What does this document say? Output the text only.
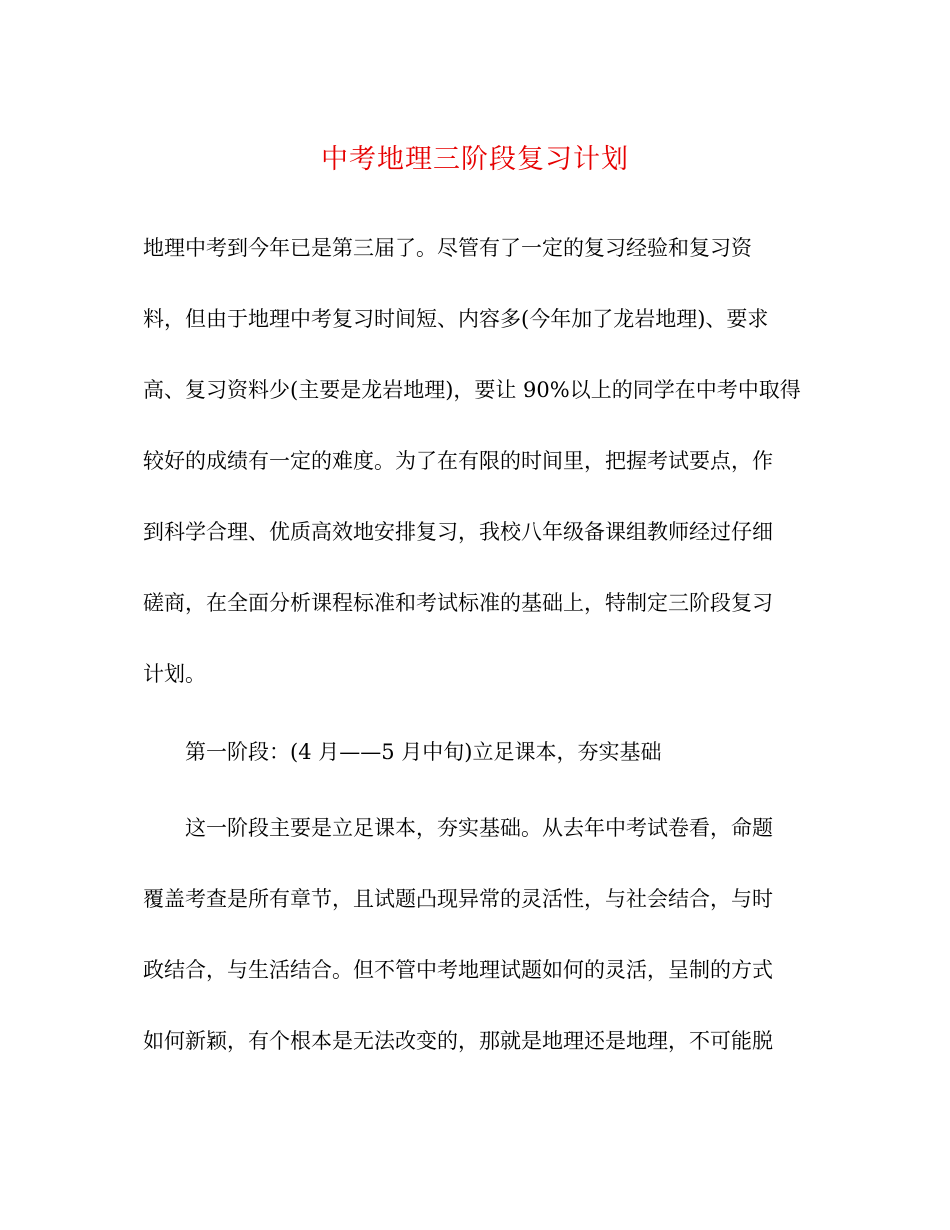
中考地理三阶段复习计划
地理中考到今年已是第三届了。尽管有了一定的复习经验和复习资
料，但由于地理中考复习时间短、内容多(今年加了龙岩地理)、要求
高、复习资料少(主要是龙岩地理)，要让 90%以上的同学在中考中取得
较好的成绩有一定的难度。为了在有限的时间里，把握考试要点，作
到科学合理、优质高效地安排复习，我校八年级备课组教师经过仔细
磋商，在全面分析课程标准和考试标准的基础上，特制定三阶段复习
计划。
第一阶段：(4 月——5 月中旬)立足课本，夯实基础
这一阶段主要是立足课本，夯实基础。从去年中考试卷看，命题
覆盖考查是所有章节，且试题凸现异常的灵活性，与社会结合，与时
政结合，与生活结合。但不管中考地理试题如何的灵活，呈制的方式
如何新颖，有个根本是无法改变的，那就是地理还是地理，不可能脱
